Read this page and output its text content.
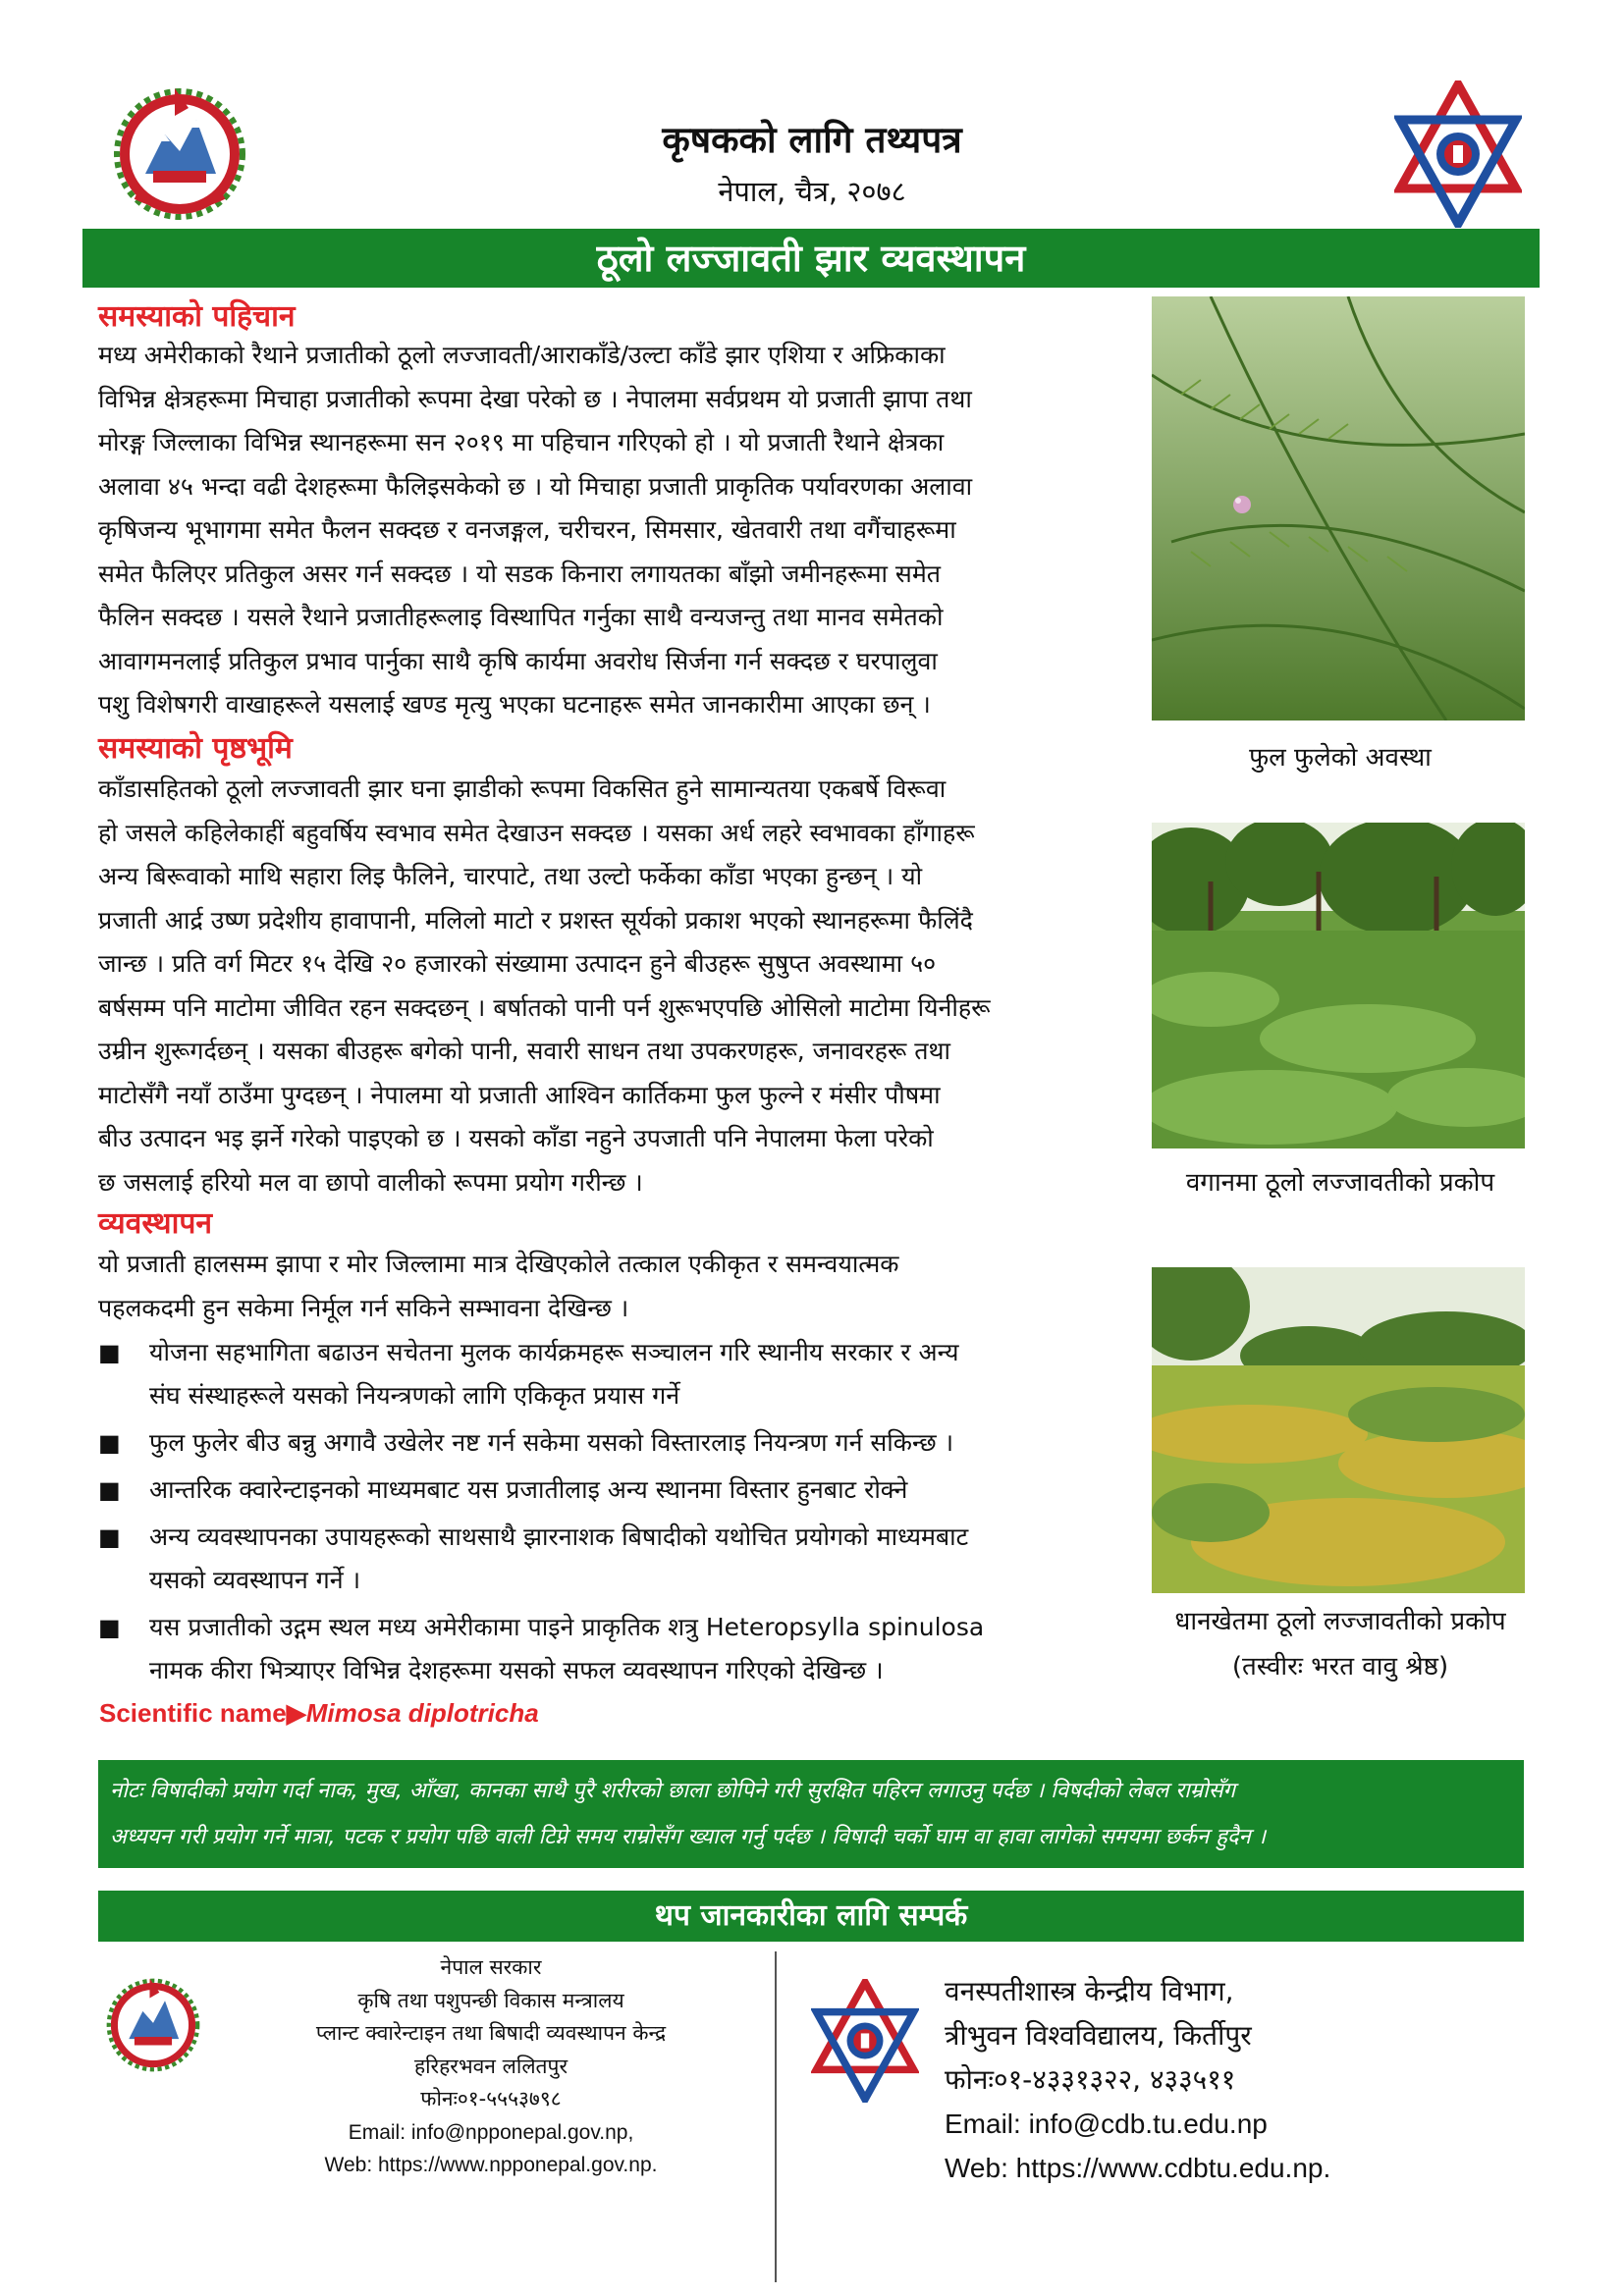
कृषकको लागि तथ्यपत्र
नेपाल, चैत्र, २०७८
ठूलो लज्जावती झार व्यवस्थापन
समस्याको पहिचान
मध्य अमेरीकाको रैथाने प्रजातीको ठूलो लज्जावती/आराकाँडे/उल्टा काँडे झार एशिया र अफ्रिकाका
विभिन्न क्षेत्रहरूमा मिचाहा प्रजातीको रूपमा देखा परेको छ । नेपालमा सर्वप्रथम यो प्रजाती झापा तथा
मोरङ्ग जिल्लाका विभिन्न स्थानहरूमा सन २०१९ मा पहिचान गरिएको हो । यो प्रजाती रैथाने क्षेत्रका
अलावा ४५ भन्दा वढी देशहरूमा फैलिइसकेको छ । यो मिचाहा प्रजाती प्राकृतिक पर्यावरणका अलावा
कृषिजन्य भूभागमा समेत फैलन सक्दछ र वनजङ्गल, चरीचरन, सिमसार, खेतवारी तथा वगैंचाहरूमा
समेत फैलिएर प्रतिकुल असर गर्न सक्दछ । यो सडक किनारा लगायतका बाँझो जमीनहरूमा समेत
फैलिन सक्दछ । यसले रैथाने प्रजातीहरूलाइ विस्थापित गर्नुका साथै वन्यजन्तु तथा मानव समेतको
आवागमनलाई प्रतिकुल प्रभाव पार्नुका साथै कृषि कार्यमा अवरोध सिर्जना गर्न सक्दछ र घरपालुवा
पशु विशेषगरी वाखाहरूले यसलाई खण्ड मृत्यु भएका घटनाहरू समेत जानकारीमा आएका छन् ।
समस्याको पृष्ठभूमि
काँडासहितको ठूलो लज्जावती झार घना झाडीको रूपमा विकसित हुने सामान्यतया एकबर्षे विरूवा
हो जसले कहिलेकाहीं बहुवर्षिय स्वभाव समेत देखाउन सक्दछ । यसका अर्ध लहरे स्वभावका हाँगाहरू
अन्य बिरूवाको माथि सहारा लिइ फैलिने, चारपाटे, तथा उल्टो फर्केका काँडा भएका हुन्छन् । यो
प्रजाती आर्द्र उष्ण प्रदेशीय हावापानी, मलिलो माटो र प्रशस्त सूर्यको प्रकाश भएको स्थानहरूमा फैलिंदै
जान्छ । प्रति वर्ग मिटर १५ देखि २० हजारको संख्यामा उत्पादन हुने बीउहरू सुषुप्त अवस्थामा ५०
बर्षसम्म पनि माटोमा जीवित रहन सक्दछन् । बर्षातको पानी पर्न शुरूभएपछि ओसिलो माटोमा यिनीहरू
उम्रीन शुरूगर्दछन् । यसका बीउहरू बगेको पानी, सवारी साधन तथा उपकरणहरू, जनावरहरू तथा
माटोसँगै नयाँ ठाउँमा पुग्दछन् । नेपालमा यो प्रजाती आश्विन कार्तिकमा फुल फुल्ने र मंसीर पौषमा
बीउ उत्पादन भइ झर्ने गरेको पाइएको छ । यसको काँडा नहुने उपजाती पनि नेपालमा फेला परेको
छ जसलाई हरियो मल वा छापो वालीको रूपमा प्रयोग गरीन्छ ।
व्यवस्थापन
यो प्रजाती हालसम्म झापा र मोर जिल्लामा मात्र देखिएकोले तत्काल एकीकृत र समन्वयात्मक
पहलकदमी हुन सकेमा निर्मूल गर्न सकिने सम्भावना देखिन्छ ।
■	योजना सहभागिता बढाउन सचेतना मुलक कार्यक्रमहरू सञ्चालन गरि स्थानीय सरकार र अन्य
संघ संस्थाहरूले यसको नियन्त्रणको लागि एकिकृत प्रयास गर्ने
■	फुल फुलेर बीउ बन्नु अगावै उखेलेर नष्ट गर्न सकेमा यसको विस्तारलाइ नियन्त्रण गर्न सकिन्छ ।
■	आन्तरिक क्वारेन्टाइनको माध्यमबाट यस प्रजातीलाइ अन्य स्थानमा विस्तार हुनबाट रोक्ने
■	अन्य व्यवस्थापनका उपायहरूको साथसाथै झारनाशक बिषादीको यथोचित प्रयोगको माध्यमबाट
यसको व्यवस्थापन गर्ने ।
■	यस प्रजातीको उद्गम स्थल मध्य अमेरीकामा पाइने प्राकृतिक शत्रु Heteropsylla spinulosa
नामक कीरा भित्र्याएर विभिन्न देशहरूमा यसको सफल व्यवस्थापन गरिएको देखिन्छ ।
फुल फुलेको अवस्था
वगानमा ठूलो लज्जावतीको प्रकोप
धानखेतमा ठूलो लज्जावतीको प्रकोप
(तस्वीरः भरत वावु श्रेष्ठ)
Scientific name▶Mimosa diplotricha
नोटः विषादीको प्रयोग गर्दा नाक, मुख, आँखा, कानका साथै पुरै शरीरको छाला छोपिने गरी सुरक्षित पहिरन लगाउनु पर्दछ । विषदीको लेबल राम्रोसँग
अध्ययन गरी प्रयोग गर्ने मात्रा, पटक र प्रयोग पछि वाली टिप्ने समय राम्रोसँग ख्याल गर्नु पर्दछ । विषादी चर्को घाम वा हावा लागेको समयमा छर्कन हुदैन ।
थप जानकारीका लागि सम्पर्क
नेपाल सरकार
कृषि तथा पशुपन्छी विकास मन्त्रालय
प्लान्ट क्वारेन्टाइन तथा बिषादी व्यवस्थापन केन्द्र
हरिहरभवन ललितपुर
फोनः०१-५५५३७९८
Email: info@npponepal.gov.np,
Web: https://www.npponepal.gov.np.
वनस्पतीशास्त्र केन्द्रीय विभाग,
त्रीभुवन विश्वविद्यालय, किर्तीपुर
फोनः०१-४३३१३२२, ४३३५११
Email: info@cdb.tu.edu.np
Web: https://www.cdbtu.edu.np.
